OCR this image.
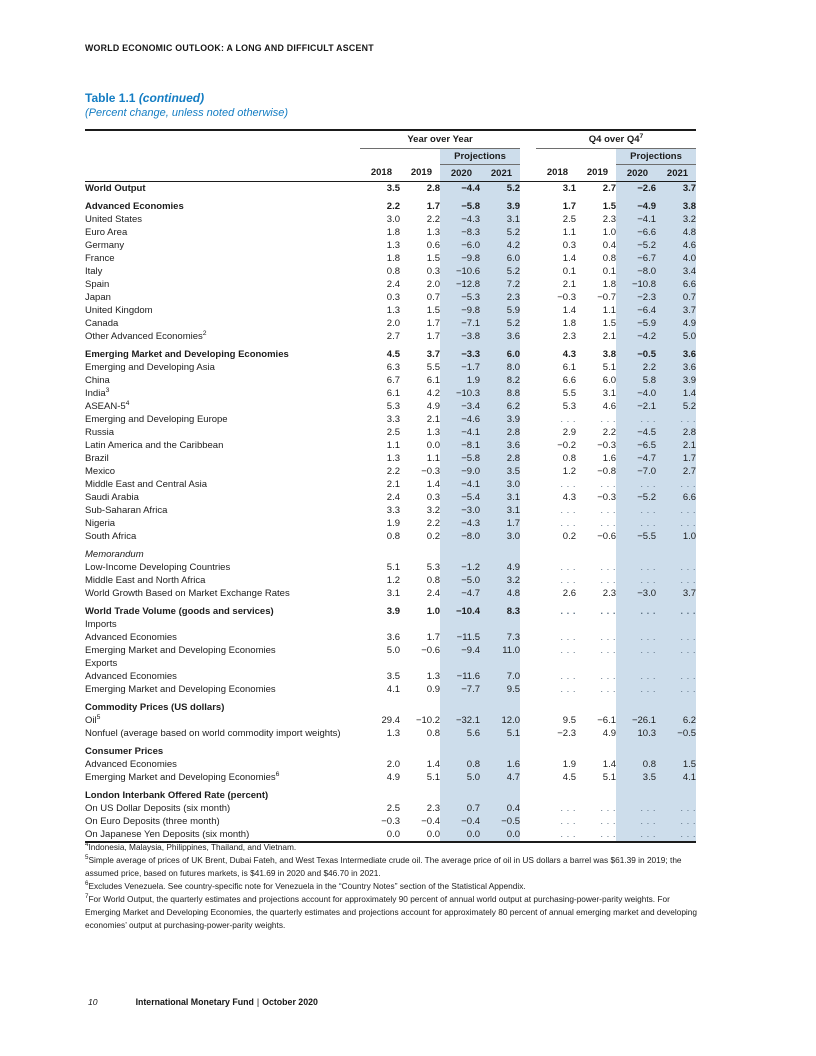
WORLD ECONOMIC OUTLOOK: A LONG AND DIFFICULT ASCENT
Table 1.1 (continued)
(Percent change, unless noted otherwise)
	Year over Year					Q4 over $Q4^7$
			Projections					Projections	
	2018	2019	2020	2021		2018	2019	2020	2021
World Output	3.5	2.8	−4.4	5.2		3.1	2.7	−2.6	3.7

Advanced Economies	2.2	1.7	−5.8	3.9		1.7	1.5	−4.9	3.8
United States	3.0	2.2	−4.3	3.1		2.5	2.3	−4.1	3.2
Euro Area	1.8	1.3	−8.3	5.2		1.1	1.0	−6.6	4.8
Germany	1.3	0.6	−6.0	4.2		0.3	0.4	−5.2	4.6
France	1.8	1.5	−9.8	6.0		1.4	0.8	−6.7	4.0
Italy	0.8	0.3	−10.6	5.2		0.1	0.1	−8.0	3.4
Spain	2.4	2.0	−12.8	7.2		2.1	1.8	−10.8	6.6
Japan	0.3	0.7	−5.3	2.3		−0.3	−0.7	−2.3	0.7
United Kingdom	1.3	1.5	−9.8	5.9		1.4	1.1	−6.4	3.7
Canada	2.0	1.7	−7.1	5.2		1.8	1.5	−5.9	4.9
Other Advanced Economies$^2$	2.7	1.7	−3.8	3.6		2.3	2.1	−4.2	5.0

Emerging Market and Developing Economies	4.5	3.7	−3.3	6.0		4.3	3.8	−0.5	3.6
Emerging and Developing Asia	6.3	5.5	−1.7	8.0		6.1	5.1	2.2	3.6
China	6.7	6.1	1.9	8.2		6.6	6.0	5.8	3.9
India$^3$	6.1	4.2	−10.3	8.8		5.5	3.1	−4.0	1.4
ASEAN-$5^4$	5.3	4.9	−3.4	6.2		5.3	4.6	−2.1	5.2
Emerging and Developing Europe	3.3	2.1	−4.6	3.9		. . .	. . .	. . .	. . .
Russia	2.5	1.3	−4.1	2.8		2.9	2.2	−4.5	2.8
Latin America and the Caribbean	1.1	0.0	−8.1	3.6		−0.2	−0.3	−6.5	2.1
Brazil	1.3	1.1	−5.8	2.8		0.8	1.6	−4.7	1.7
Mexico	2.2	−0.3	−9.0	3.5		1.2	−0.8	−7.0	2.7
Middle East and Central Asia	2.1	1.4	−4.1	3.0		. . .	. . .	. . .	. . .
Saudi Arabia	2.4	0.3	−5.4	3.1		4.3	−0.3	−5.2	6.6
Sub-Saharan Africa	3.3	3.2	−3.0	3.1		. . .	. . .	. . .	. . .
Nigeria	1.9	2.2	−4.3	1.7		. . .	. . .	. . .	. . .
South Africa	0.8	0.2	−8.0	3.0		0.2	−0.6	−5.5	1.0

Memorandum									
Low-Income Developing Countries	5.1	5.3	−1.2	4.9		. . .	. . .	. . .	. . .
Middle East and North Africa	1.2	0.8	−5.0	3.2		. . .	. . .	. . .	. . .
World Growth Based on Market Exchange Rates	3.1	2.4	−4.7	4.8		2.6	2.3	−3.0	3.7

World Trade Volume (goods and services)	3.9	1.0	−10.4	8.3		. . .	. . .	. . .	. . .
Imports									
Advanced Economies	3.6	1.7	−11.5	7.3		. . .	. . .	. . .	. . .
Emerging Market and Developing Economies	5.0	−0.6	−9.4	11.0		. . .	. . .	. . .	. . .
Exports									
Advanced Economies	3.5	1.3	−11.6	7.0		. . .	. . .	. . .	. . .
Emerging Market and Developing Economies	4.1	0.9	−7.7	9.5		. . .	. . .	. . .	. . .

Commodity Prices (US dollars)									
Oil$^5$	29.4	−10.2	−32.1	12.0		9.5	−6.1	−26.1	6.2
Nonfuel (average based on world commodity import weights)	1.3	0.8	5.6	5.1		−2.3	4.9	10.3	−0.5

Consumer Prices									
Advanced Economies	2.0	1.4	0.8	1.6		1.9	1.4	0.8	1.5
Emerging Market and Developing Economies$^6$	4.9	5.1	5.0	4.7		4.5	5.1	3.5	4.1

London Interbank Offered Rate (percent)									
On US Dollar Deposits (six month)	2.5	2.3	0.7	0.4		. . .	. . .	. . .	. . .
On Euro Deposits (three month)	−0.3	−0.4	−0.4	−0.5		. . .	. . .	. . .	. . .
On Japanese Yen Deposits (six month)	0.0	0.0	0.0	0.0		. . .	. . .	. . .	. . .
$^4$Indonesia, Malaysia, Philippines, Thailand, and Vietnam.
$^5$Simple average of prices of UK Brent, Dubai Fateh, and West Texas Intermediate crude oil. The average price of oil in US dollars a barrel was $61.39 in 2019; the assumed price, based on futures markets, is $41.69 in 2020 and $46.70 in 2021.
$^6$Excludes Venezuela. See country-specific note for Venezuela in the “Country Notes” section of the Statistical Appendix.
$^7$For World Output, the quarterly estimates and projections account for approximately 90 percent of annual world output at purchasing-power-parity weights. For Emerging Market and Developing Economies, the quarterly estimates and projections account for approximately 80 percent of annual emerging market and developing economies’ output at purchasing-power-parity weights.
10	International Monetary Fund | October 2020
